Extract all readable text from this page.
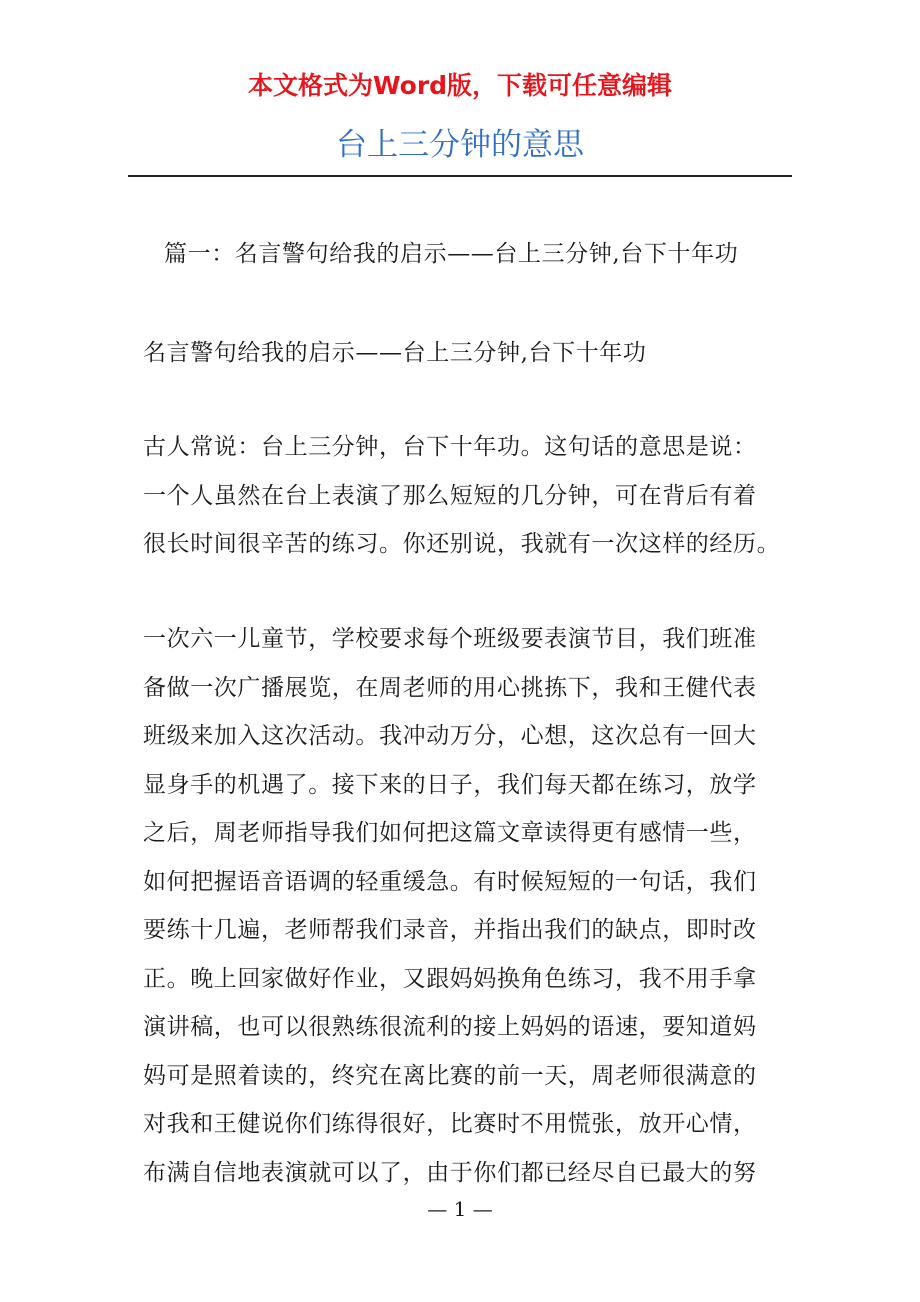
本文格式为Word版，下载可任意编辑

台上三分钟的意思

篇一：名言警句给我的启示——台上三分钟,台下十年功

名言警句给我的启示——台上三分钟,台下十年功

古人常说：台上三分钟，台下十年功。这句话的意思是说：
一个人虽然在台上表演了那么短短的几分钟，可在背后有着
很长时间很辛苦的练习。你还别说，我就有一次这样的经历。

一次六一儿童节，学校要求每个班级要表演节目，我们班准
备做一次广播展览，在周老师的用心挑拣下，我和王健代表
班级来加入这次活动。我冲动万分，心想，这次总有一回大
显身手的机遇了。接下来的日子，我们每天都在练习，放学
之后，周老师指导我们如何把这篇文章读得更有感情一些，
如何把握语音语调的轻重缓急。有时候短短的一句话，我们
要练十几遍，老师帮我们录音，并指出我们的缺点，即时改
正。晚上回家做好作业，又跟妈妈换角色练习，我不用手拿
演讲稿，也可以很熟练很流利的接上妈妈的语速，要知道妈
妈可是照着读的，终究在离比赛的前一天，周老师很满意的
对我和王健说你们练得很好，比赛时不用慌张，放开心情，
布满自信地表演就可以了，由于你们都已经尽自已最大的努

— 1 —
